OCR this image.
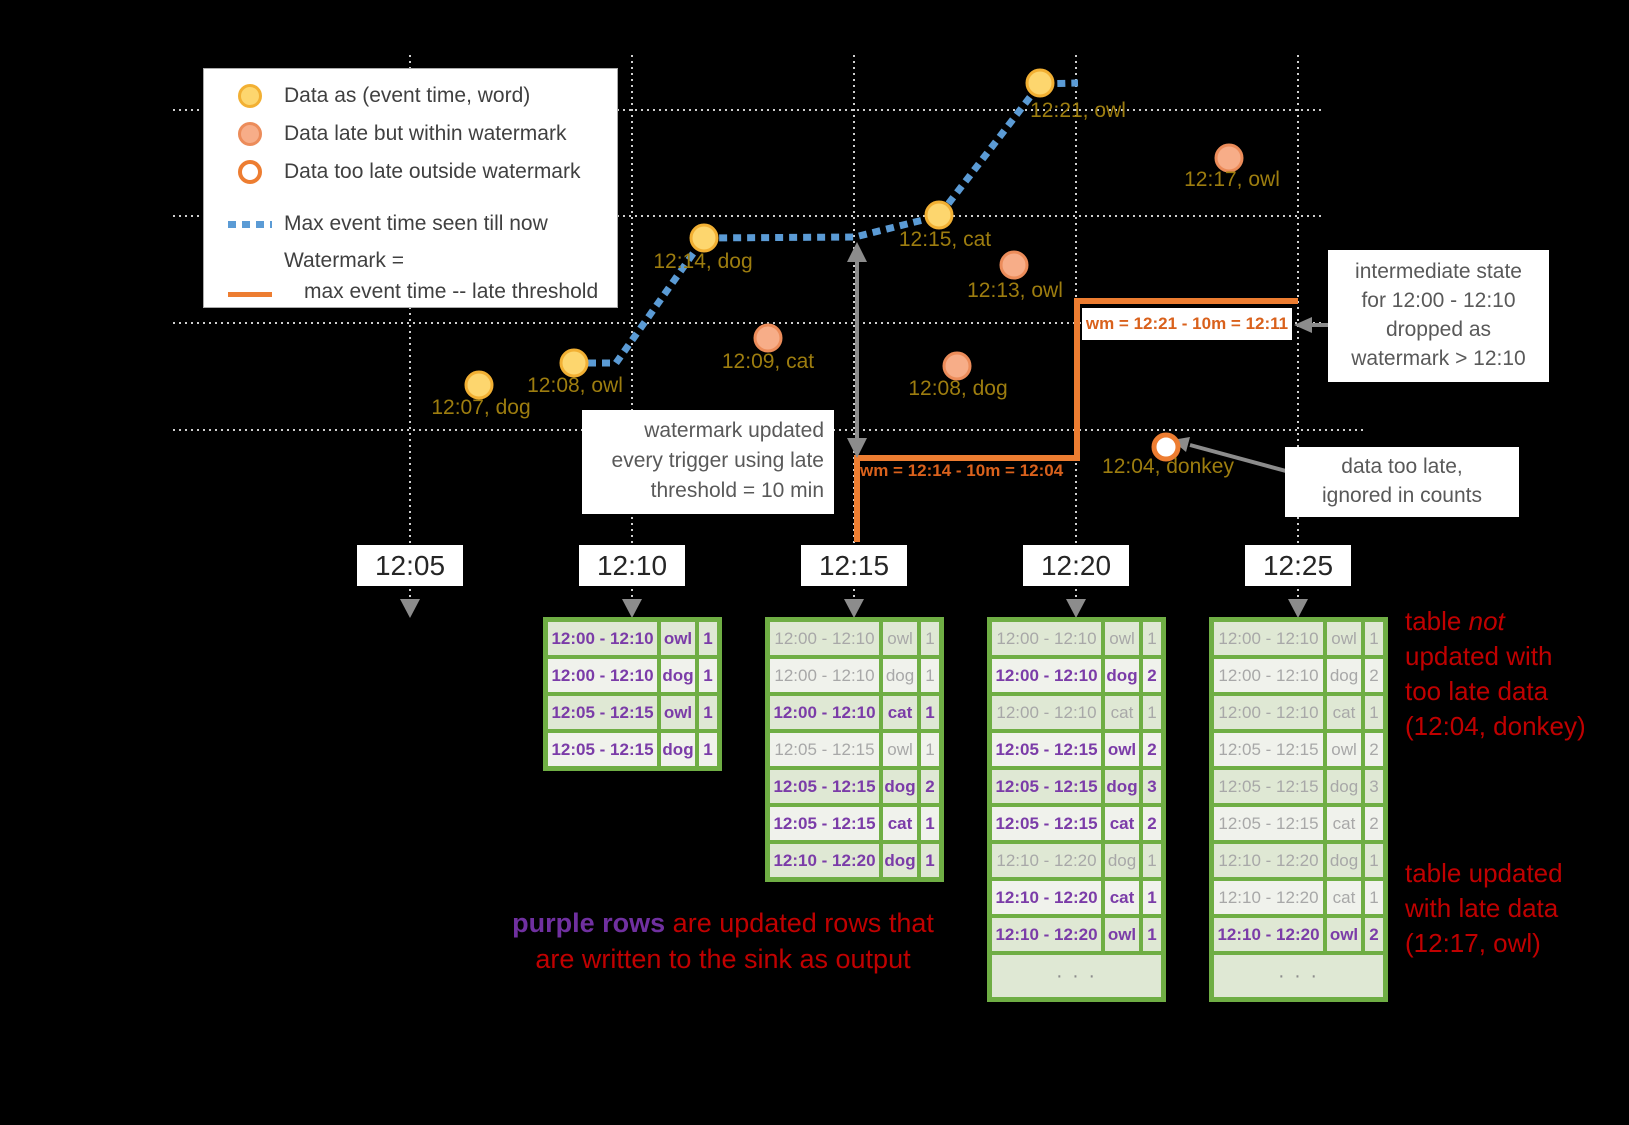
Data as (event time, word)
Data late but within watermark
Data too late outside watermark
Max event time seen till now
Watermark =
max event time -- late threshold
12:07, dog
12:08, owl
12:14, dog
12:15, cat
12:21, owl
12:09, cat
12:08, dog
12:13, owl
12:17, owl
12:04, donkey
wm = 12:14 - 10m = 12:04
wm = 12:21 - 10m = 12:11
watermark updated
every trigger using late
threshold = 10 min
intermediate state
for 12:00 - 12:10
dropped as
watermark > 12:10
data too late,
ignored in counts
12:05	12:10	12:15	12:20	12:25
12:00 - 12:10 owl 1
12:00 - 12:10 dog 1
12:05 - 12:15 owl 1
12:05 - 12:15 dog 1
12:00 - 12:10 owl 1
12:00 - 12:10 dog 1
12:00 - 12:10 cat 1
12:05 - 12:15 owl 1
12:05 - 12:15 dog 2
12:05 - 12:15 cat 1
12:10 - 12:20 dog 1
12:00 - 12:10 owl 1
12:00 - 12:10 dog 2
12:00 - 12:10 cat 1
12:05 - 12:15 owl 2
12:05 - 12:15 dog 3
12:05 - 12:15 cat 2
12:10 - 12:20 dog 1
12:10 - 12:20 cat 1
12:10 - 12:20 owl 1
· · ·
12:00 - 12:10 owl 1
12:00 - 12:10 dog 2
12:00 - 12:10 cat 1
12:05 - 12:15 owl 2
12:05 - 12:15 dog 3
12:05 - 12:15 cat 2
12:10 - 12:20 dog 1
12:10 - 12:20 cat 1
12:10 - 12:20 owl 2
· · ·
purple rows are updated rows that
are written to the sink as output
table not
updated with
too late data
(12:04, donkey)
table updated
with late data
(12:17, owl)
